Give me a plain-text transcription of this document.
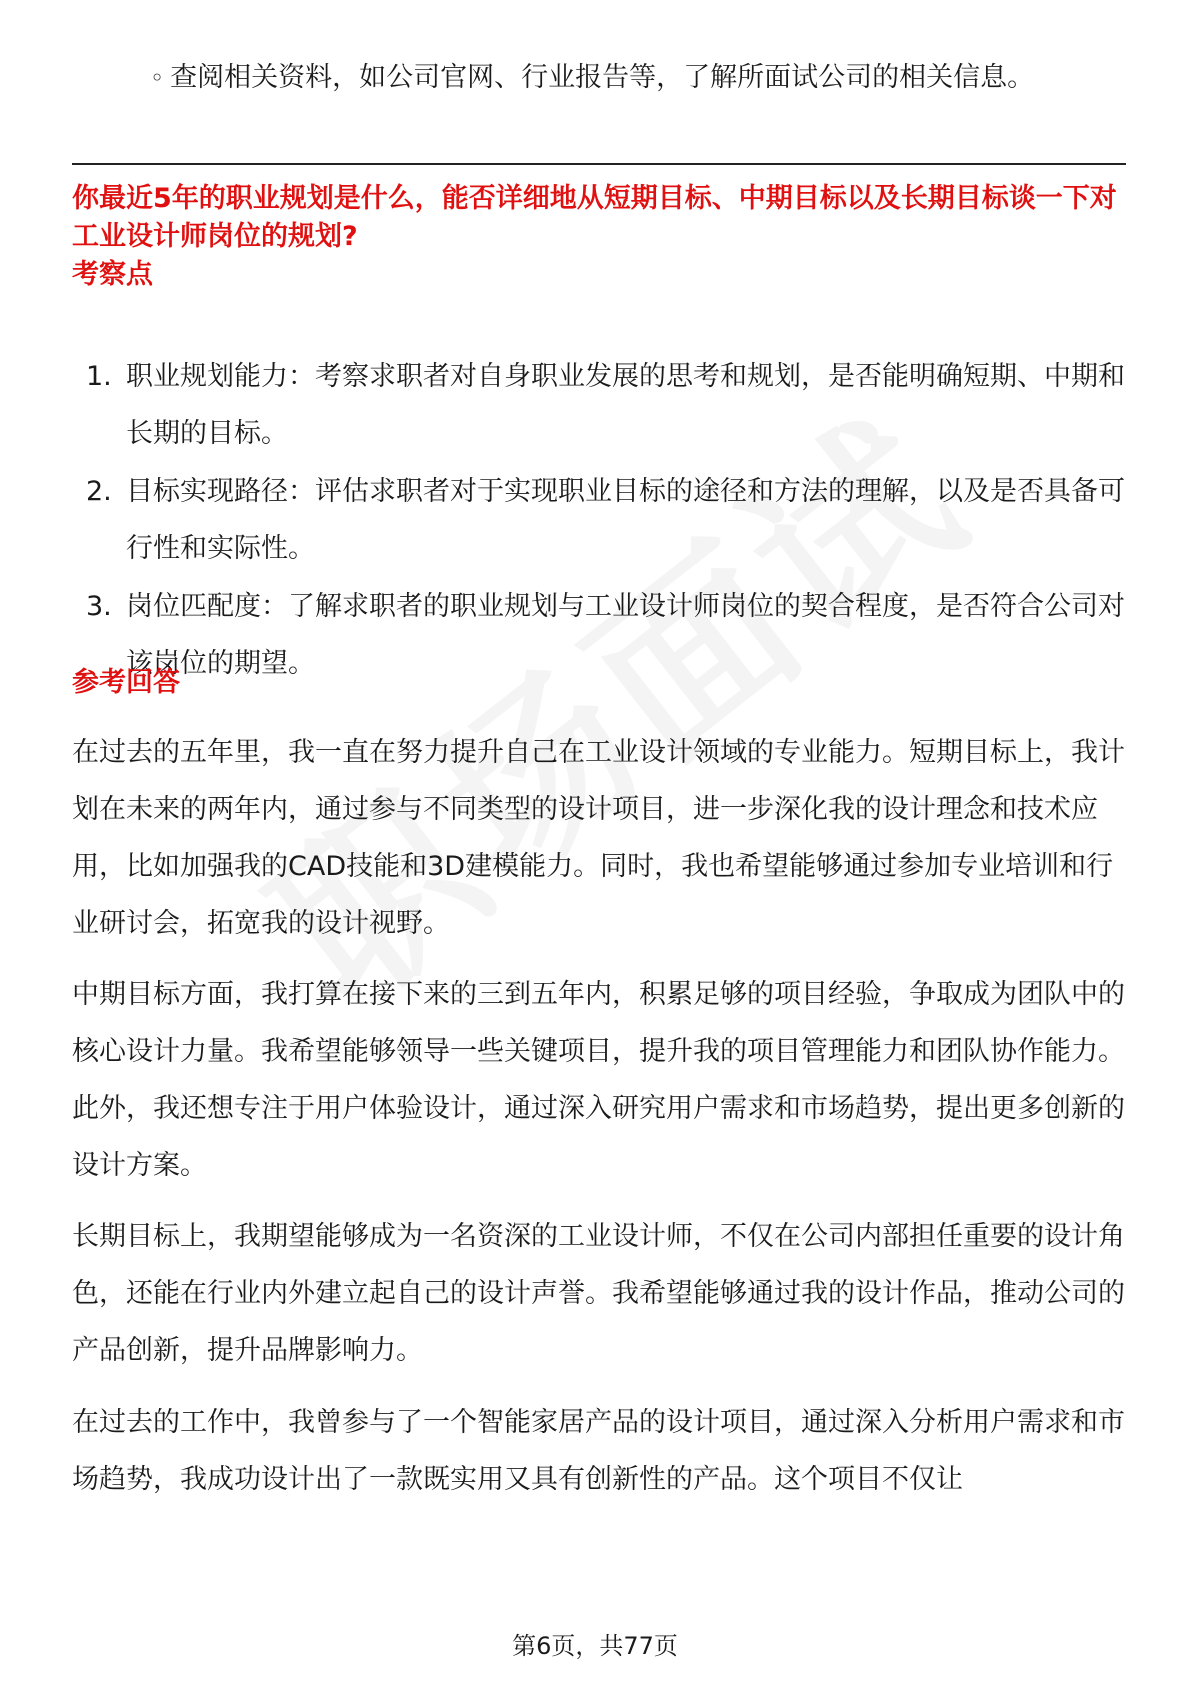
◦ 查阅相关资料，如公司官网、行业报告等，了解所面试公司的相关信息。
你最近5年的职业规划是什么，能否详细地从短期目标、中期目标以及长期目标谈一下对工业设计师岗位的规划?
考察点
1. 职业规划能力：考察求职者对自身职业发展的思考和规划，是否能明确短期、中期和长期的目标。
2. 目标实现路径：评估求职者对于实现职业目标的途径和方法的理解，以及是否具备可行性和实际性。
3. 岗位匹配度：了解求职者的职业规划与工业设计师岗位的契合程度，是否符合公司对该岗位的期望。
参考回答

在过去的五年里，我一直在努力提升自己在工业设计领域的专业能力。短期目标上，我计划在未来的两年内，通过参与不同类型的设计项目，进一步深化我的设计理念和技术应用，比如加强我的CAD技能和3D建模能力。同时，我也希望能够通过参加专业培训和行业研讨会，拓宽我的设计视野。

中期目标方面，我打算在接下来的三到五年内，积累足够的项目经验，争取成为团队中的核心设计力量。我希望能够领导一些关键项目，提升我的项目管理能力和团队协作能力。此外，我还想专注于用户体验设计，通过深入研究用户需求和市场趋势，提出更多创新的设计方案。

长期目标上，我期望能够成为一名资深的工业设计师，不仅在公司内部担任重要的设计角色，还能在行业内外建立起自己的设计声誉。我希望能够通过我的设计作品，推动公司的产品创新，提升品牌影响力。

在过去的工作中，我曾参与了一个智能家居产品的设计项目，通过深入分析用户需求和市场趋势，我成功设计出了一款既实用又具有创新性的产品。这个项目不仅让

第6页，共77页
